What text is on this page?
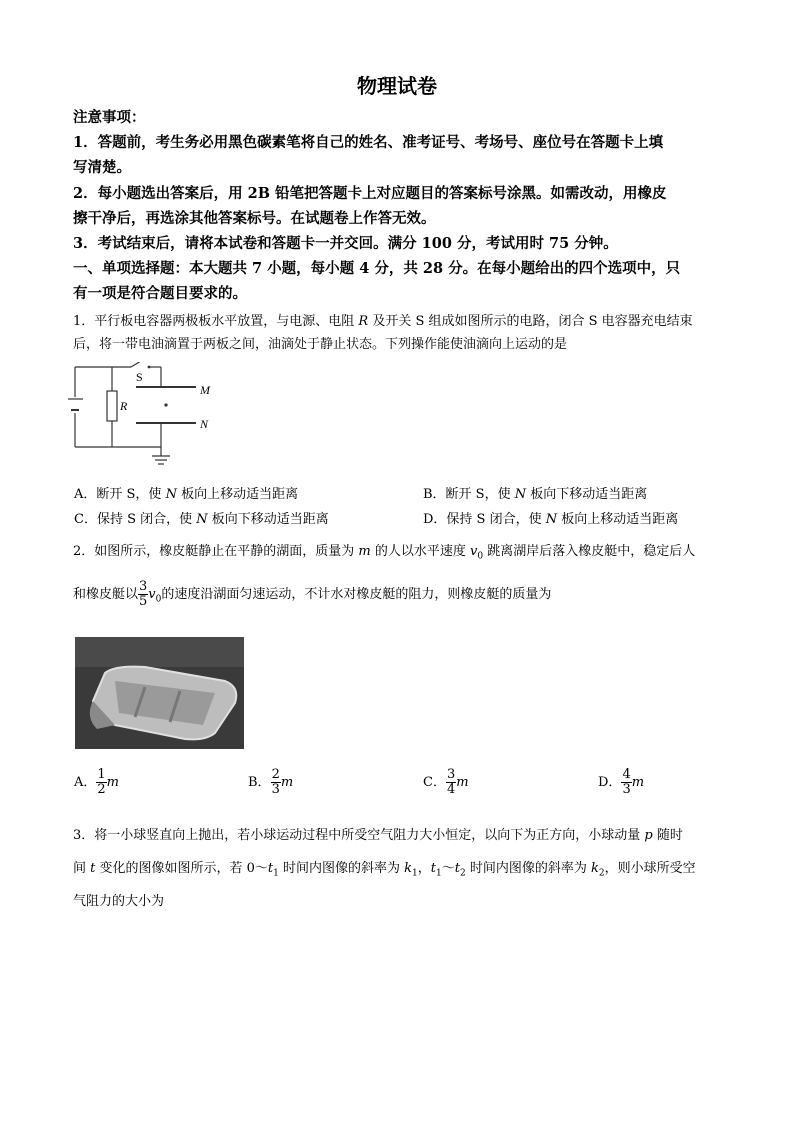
物理试卷
注意事项：
1．答题前，考生务必用黑色碳素笔将自己的姓名、准考证号、考场号、座位号在答题卡上填
写清楚。
2．每小题选出答案后，用 2B 铅笔把答题卡上对应题目的答案标号涂黑。如需改动，用橡皮
擦干净后，再选涂其他答案标号。在试题卷上作答无效。
3．考试结束后，请将本试卷和答题卡一并交回。满分 100 分，考试用时 75 分钟。
一、单项选择题：本大题共 7 小题，每小题 4 分，共 28 分。在每小题给出的四个选项中，只
有一项是符合题目要求的。
1．平行板电容器两极板水平放置，与电源、电阻 R 及开关 S 组成如图所示的电路，闭合 S 电容器充电结束
后，将一带电油滴置于两板之间，油滴处于静止状态。下列操作能使油滴向上运动的是
S
R
M
N
A．断开 S，使 N 板向上移动适当距离	B．断开 S，使 N 板向下移动适当距离
C．保持 S 闭合，使 N 板向下移动适当距离	D．保持 S 闭合，使 N 板向上移动适当距离
2．如图所示，橡皮艇静止在平静的湖面，质量为 m 的人以水平速度 $v_0$ 跳离湖岸后落入橡皮艇中，稳定后人
和橡皮艇以 $\frac{3}{5} v_0$的速度沿湖面匀速运动，不计水对橡皮艇的阻力，则橡皮艇的质量为
A． $\frac{1}{2}$ m	B． $\frac{2}{3}$ m	C． $\frac{3}{4}$ m	D． $\frac{4}{3}$ m
3．将一小球竖直向上抛出，若小球运动过程中所受空气阻力大小恒定，以向下为正方向，小球动量 p 随时
间 t 变化的图像如图所示，若 $0\sim t_1$ 时间内图像的斜率为 $k_1$，$t_1\sim t_2$ 时间内图像的斜率为 $k_2$，则小球所受空
气阻力的大小为
